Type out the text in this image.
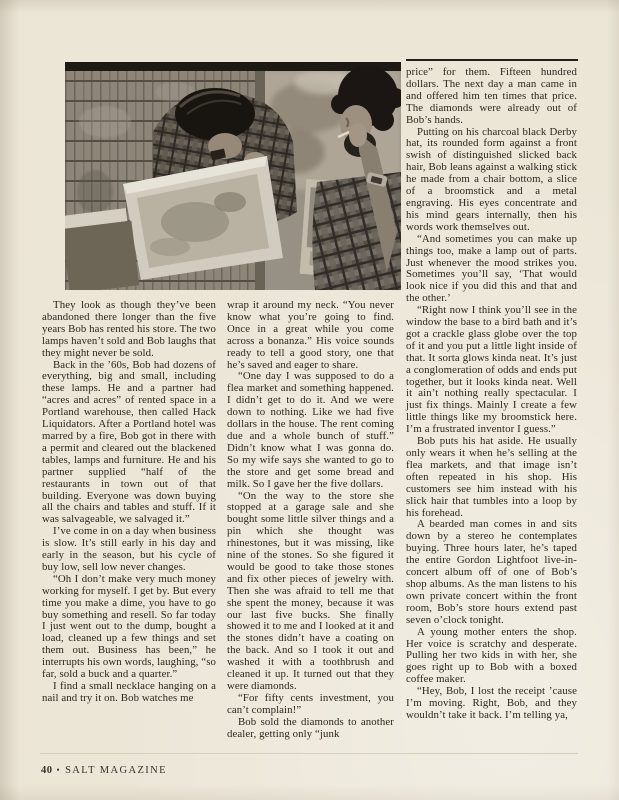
They look as though they’ve been abandoned there longer than the five years Bob has rented his store. The two lamps haven’t sold and Bob laughs that they might never be sold.

Back in the ’60s, Bob had dozens of everything, big and small, including these lamps. He and a partner had “acres and acres” of rented space in a Portland warehouse, then called Hack Liquidators. After a Portland hotel was marred by a fire, Bob got in there with a permit and cleared out the blackened tables, lamps and furniture. He and his partner supplied “half of the restaurants in town out of that building. Everyone was down buying all the chairs and tables and stuff. If it was salvageable, we salvaged it.”

I’ve come in on a day when business is slow. It’s still early in his day and early in the season, but his cycle of buy low, sell low never changes.

“Oh I don’t make very much money working for myself. I get by. But every time you make a dime, you have to go buy something and resell. So far today I just went out to the dump, bought a load, cleaned up a few things and set them out. Business has been,” he interrupts his own words, laughing, “so far, sold a buck and a quarter.”

I find a small necklace hanging on a nail and try it on. Bob watches me

wrap it around my neck. “You never know what you’re going to find. Once in a great while you come across a bonanza.” His voice sounds ready to tell a good story, one that he’s saved and eager to share.

“One day I was supposed to do a flea market and something happened. I didn’t get to do it. And we were down to nothing. Like we had five dollars in the house. The rent coming due and a whole bunch of stuff.” Didn’t know what I was gonna do. So my wife says she wanted to go to the store and get some bread and milk. So I gave her the five dollars.

“On the way to the store she stopped at a garage sale and she bought some little silver things and a pin which she thought was rhinestones, but it was missing, like nine of the stones. So she figured it would be good to take those stones and fix other pieces of jewelry with. Then she was afraid to tell me that she spent the money, because it was our last five bucks. She finally showed it to me and I looked at it and the stones didn’t have a coating on the back. And so I took it out and washed it with a toothbrush and cleaned it up. It turned out that they were diamonds.

“For fifty cents investment, you can’t complain!”

Bob sold the diamonds to another dealer, getting only “junk

price” for them. Fifteen hundred dollars. The next day a man came in and offered him ten times that price. The diamonds were already out of Bob’s hands.

Putting on his charcoal black Derby hat, its rounded form against a front swish of distinguished slicked back hair, Bob leans against a walking stick he made from a chair bottom, a slice of a broomstick and a metal engraving. His eyes concentrate and his mind gears internally, then his words work themselves out.

“And sometimes you can make up things too, make a lamp out of parts. Just whenever the mood strikes you. Sometimes you’ll say, ‘That would look nice if you did this and that and the other.’

“Right now I think you’ll see in the window the base to a bird bath and it’s got a crackle glass globe over the top of it and you put a little light inside of that. It sorta glows kinda neat. It’s just a conglomeration of odds and ends put together, but it looks kinda neat. Well it ain’t nothing really spectacular. I just fix things. Mainly I create a few little things like my broomstick here. I’m a frustrated inventor I guess.”

Bob puts his hat aside. He usually only wears it when he’s selling at the flea markets, and that image isn’t often repeated in his shop. His customers see him instead with his slick hair that tumbles into a loop by his forehead.

A bearded man comes in and sits down by a stereo he contemplates buying. Three hours later, he’s taped the entire Gordon Lightfoot live-in-concert album off of one of Bob’s shop albums. As the man listens to his own private concert within the front room, Bob’s store hours extend past seven o’clock tonight.

A young mother enters the shop. Her voice is scratchy and desperate. Pulling her two kids in with her, she goes right up to Bob with a boxed coffee maker.

“Hey, Bob, I lost the receipt ’cause I’m moving. Right, Bob, and they wouldn’t take it back. I’m telling ya,

40 • SALT MAGAZINE
